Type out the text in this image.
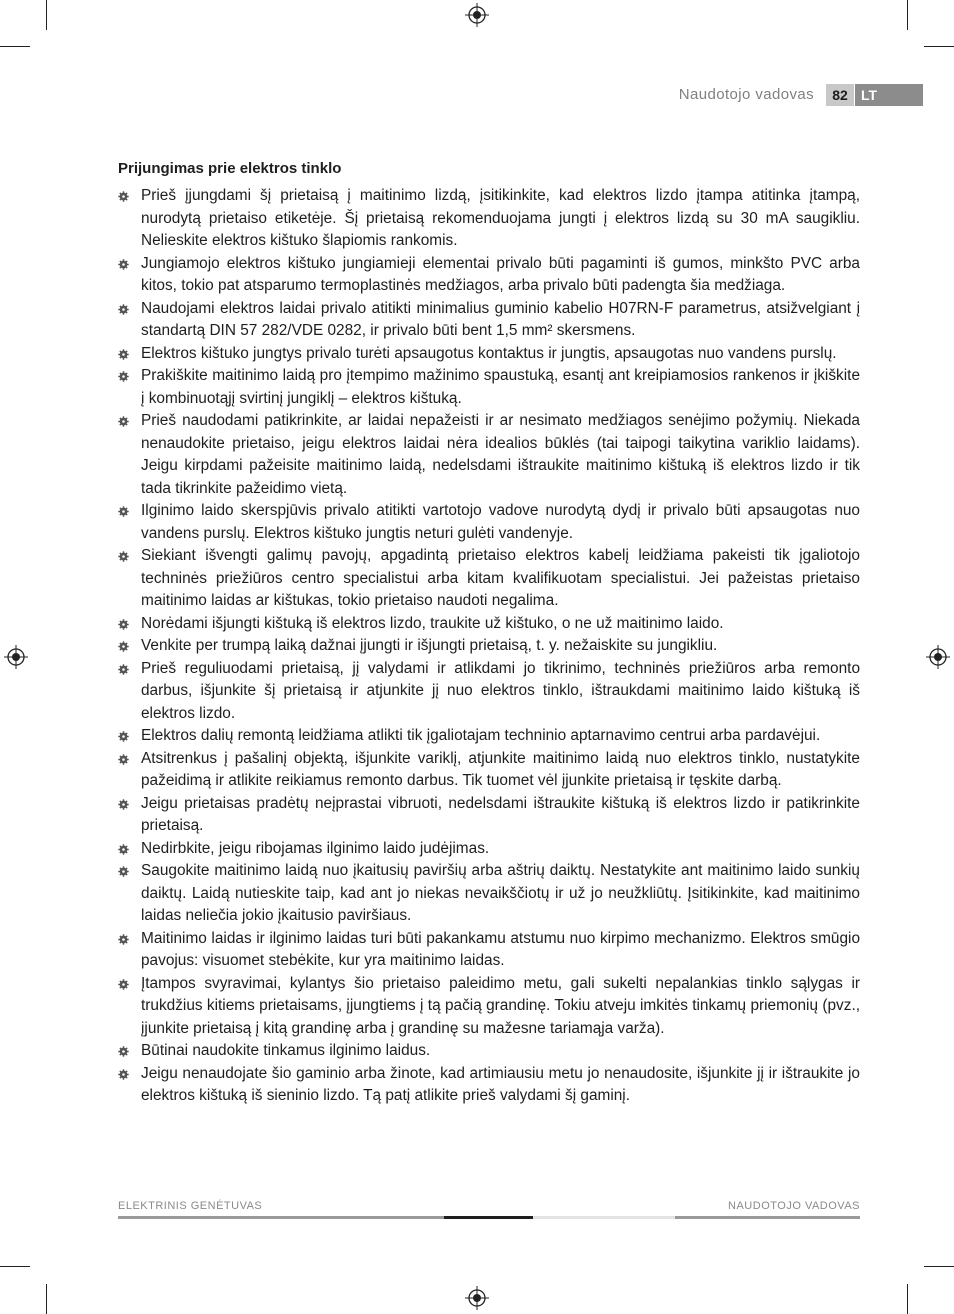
Naudotojo vadovas	82 LT
Prijungimas prie elektros tinklo
Prieš įjungdami šį prietaisą į maitinimo lizdą, įsitikinkite, kad elektros lizdo įtampa atitinka įtampą, nurodytą prietaiso etiketėje. Šį prietaisą rekomenduojama jungti į elektros lizdą su 30 mA saugikliu. Nelieskite elektros kištuko šlapiomis rankomis.
Jungiamojo elektros kištuko jungiamieji elementai privalo būti pagaminti iš gumos, minkšto PVC arba kitos, tokio pat atsparumo termoplastinės medžiagos, arba privalo būti padengta šia medžiaga.
Naudojami elektros laidai privalo atitikti minimalius guminio kabelio H07RN-F parametrus, atsižvelgiant į standartą DIN 57 282/VDE 0282, ir privalo būti bent 1,5 mm² skersmens.
Elektros kištuko jungtys privalo turėti apsaugotus kontaktus ir jungtis, apsaugotas nuo vandens purslų.
Prakiškite maitinimo laidą pro įtempimo mažinimo spaustuką, esantį ant kreipiamosios rankenos ir įkiškite į kombinuotąjį svirtinį jungiklį – elektros kištuką.
Prieš naudodami patikrinkite, ar laidai nepažeisti ir ar nesimato medžiagos senėjimo požymių. Niekada nenaudokite prietaiso, jeigu elektros laidai nėra idealios būklės (tai taipogi taikytina variklio laidams). Jeigu kirpdami pažeisite maitinimo laidą, nedelsdami ištraukite maitinimo kištuką iš elektros lizdo ir tik tada tikrinkite pažeidimo vietą.
Ilginimo laido skerspjūvis privalo atitikti vartotojo vadove nurodytą dydį ir privalo būti apsaugotas nuo vandens purslų. Elektros kištuko jungtis neturi gulėti vandenyje.
Siekiant išvengti galimų pavojų, apgadintą prietaiso elektros kabelį leidžiama pakeisti tik įgaliotojo techninės priežiūros centro specialistui arba kitam kvalifikuotam specialistui. Jei pažeistas prietaiso maitinimo laidas ar kištukas, tokio prietaiso naudoti negalima.
Norėdami išjungti kištuką iš elektros lizdo, traukite už kištuko, o ne už maitinimo laido.
Venkite per trumpą laiką dažnai įjungti ir išjungti prietaisą, t. y. nežaiskite su jungikliu.
Prieš reguliuodami prietaisą, jį valydami ir atlikdami jo tikrinimo, techninės priežiūros arba remonto darbus, išjunkite šį prietaisą ir atjunkite jį nuo elektros tinklo, ištraukdami maitinimo laido kištuką iš elektros lizdo.
Elektros dalių remontą leidžiama atlikti tik įgaliotajam techninio aptarnavimo centrui arba pardavėjui.
Atsitrenkus į pašalinį objektą, išjunkite variklį, atjunkite maitinimo laidą nuo elektros tinklo, nustatykite pažeidimą ir atlikite reikiamus remonto darbus. Tik tuomet vėl įjunkite prietaisą ir tęskite darbą.
Jeigu prietaisas pradėtų neįprastai vibruoti, nedelsdami ištraukite kištuką iš elektros lizdo ir patikrinkite prietaisą.
Nedirbkite, jeigu ribojamas ilginimo laido judėjimas.
Saugokite maitinimo laidą nuo įkaitusių paviršių arba aštrių daiktų. Nestatykite ant maitinimo laido sunkių daiktų. Laidą nutieskite taip, kad ant jo niekas nevaikščiotų ir už jo neužkliūtų. Įsitikinkite, kad maitinimo laidas neliečia jokio įkaitusio paviršiaus.
Maitinimo laidas ir ilginimo laidas turi būti pakankamu atstumu nuo kirpimo mechanizmo. Elektros smūgio pavojus: visuomet stebėkite, kur yra maitinimo laidas.
Įtampos svyravimai, kylantys šio prietaiso paleidimo metu, gali sukelti nepalankias tinklo sąlygas ir trukdžius kitiems prietaisams, įjungtiems į tą pačią grandinę. Tokiu atveju imkitės tinkamų priemonių (pvz., įjunkite prietaisą į kitą grandinę arba į grandinę su mažesne tariamąja varža).
Būtinai naudokite tinkamus ilginimo laidus.
Jeigu nenaudojate šio gaminio arba žinote, kad artimiausiu metu jo nenaudosite, išjunkite jį ir ištraukite jo elektros kištuką iš sieninio lizdo. Tą patį atlikite prieš valydami šį gaminį.
ELEKTRINIS GENĖTUVAS	NAUDOTOJO VADOVAS
